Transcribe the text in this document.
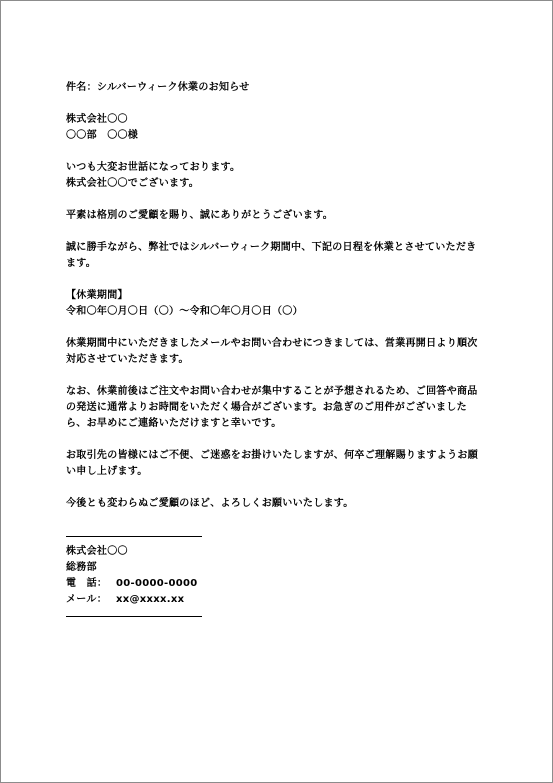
件名：シルバーウィーク休業のお知らせ
株式会社〇〇
〇〇部　〇〇様
いつも大変お世話になっております。
株式会社〇〇でございます。
平素は格別のご愛顧を賜り、誠にありがとうございます。
誠に勝手ながら、弊社ではシルバーウィーク期間中、下記の日程を休業とさせていただきます。
【休業期間】
令和〇年〇月〇日（〇）～令和〇年〇月〇日（〇）
休業期間中にいただきましたメールやお問い合わせにつきましては、営業再開日より順次対応させていただきます。
なお、休業前後はご注文やお問い合わせが集中することが予想されるため、ご回答や商品の発送に通常よりお時間をいただく場合がございます。お急ぎのご用件がございましたら、お早めにご連絡いただけますと幸いです。
お取引先の皆様にはご不便、ご迷惑をお掛けいたしますが、何卒ご理解賜りますようお願い申し上げます。
今後とも変わらぬご愛顧のほど、よろしくお願いいたします。
株式会社〇〇
総務部
電　話： 00-0000-0000
メール： xx@xxxx.xx
